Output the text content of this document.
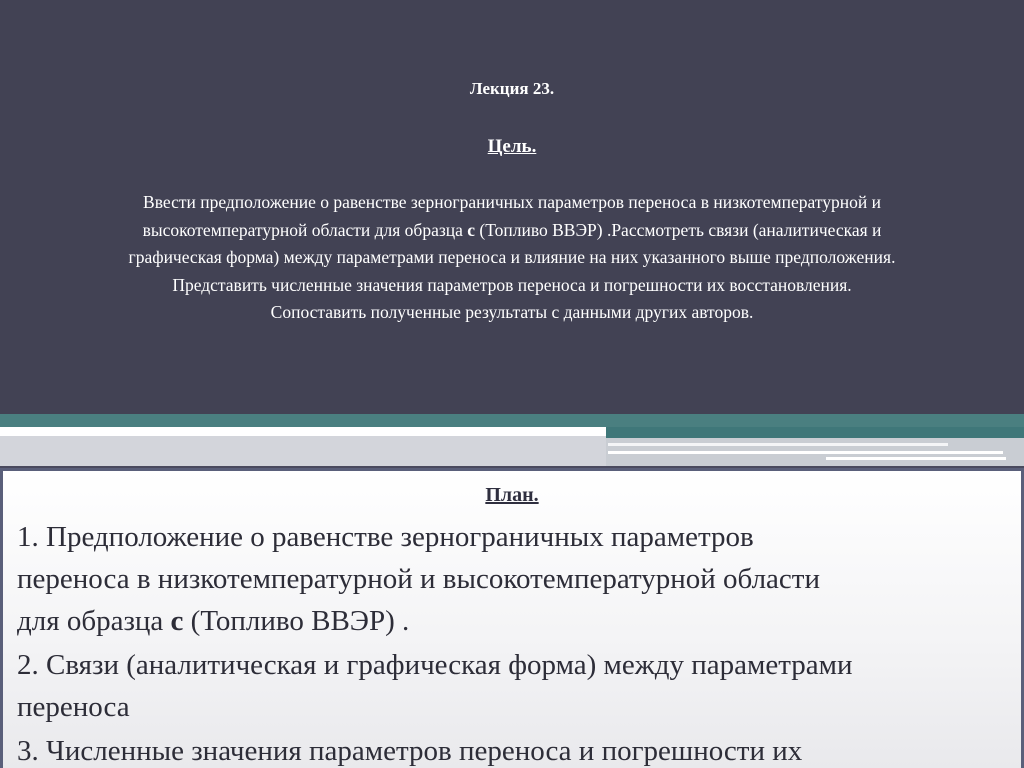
Лекция 23.
Цель.
Ввести предположение о равенстве зернограничных параметров переноса в низкотемпературной и
высокотемпературной области для образца с (Топливо ВВЭР) .Рассмотреть связи (аналитическая и
графическая форма) между параметрами переноса и влияние на них указанного выше предположения.
Представить численные значения параметров переноса и погрешности их восстановления.
Сопоставить полученные результаты с данными других авторов.
План.
1. Предположение о равенстве зернограничных параметров
переноса в низкотемпературной и высокотемпературной области
для образца с (Топливо ВВЭР) .
2. Связи (аналитическая и графическая форма) между параметрами
переноса
3. Численные значения параметров переноса и погрешности их
